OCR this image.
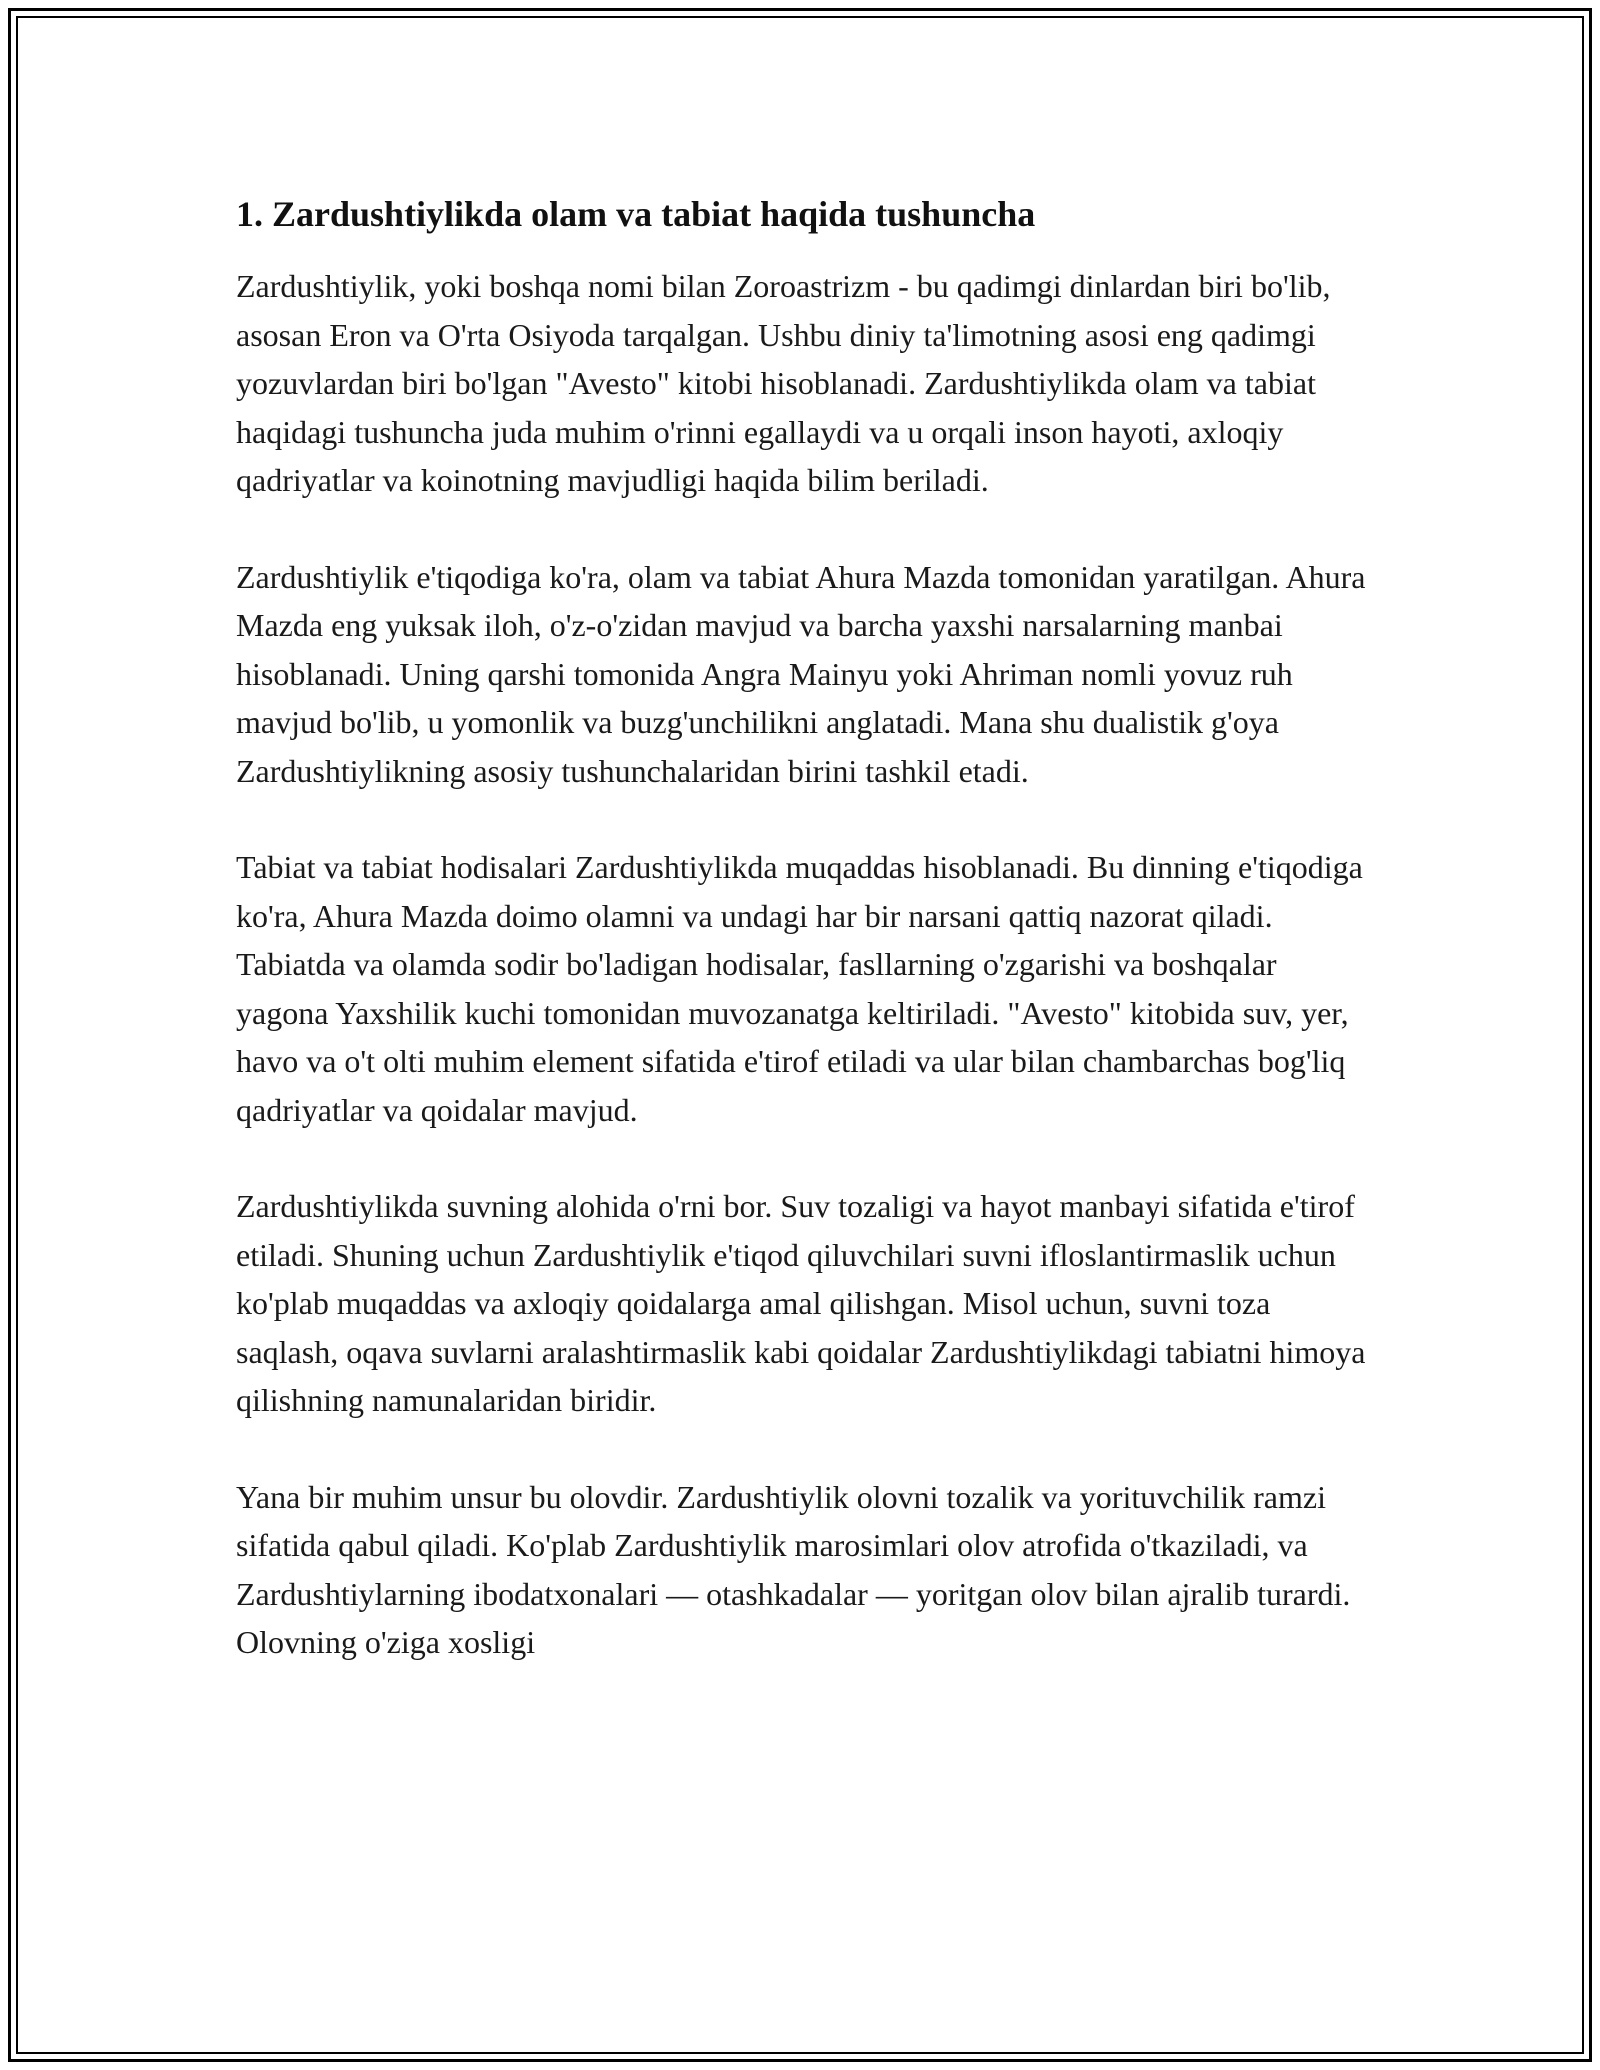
1. Zardushtiylikda olam va tabiat haqida tushuncha

Zardushtiylik, yoki boshqa nomi bilan Zoroastrizm - bu qadimgi dinlardan biri bo'lib, asosan Eron va O'rta Osiyoda tarqalgan. Ushbu diniy ta'limotning asosi eng qadimgi yozuvlardan biri bo'lgan "Avesto" kitobi hisoblanadi. Zardushtiylikda olam va tabiat haqidagi tushuncha juda muhim o'rinni egallaydi va u orqali inson hayoti, axloqiy qadriyatlar va koinotning mavjudligi haqida bilim beriladi.

Zardushtiylik e'tiqodiga ko'ra, olam va tabiat Ahura Mazda tomonidan yaratilgan. Ahura Mazda eng yuksak iloh, o'z-o'zidan mavjud va barcha yaxshi narsalarning manbai hisoblanadi. Uning qarshi tomonida Angra Mainyu yoki Ahriman nomli yovuz ruh mavjud bo'lib, u yomonlik va buzg'unchilikni anglatadi. Mana shu dualistik g'oya Zardushtiylikning asosiy tushunchalaridan birini tashkil etadi.

Tabiat va tabiat hodisalari Zardushtiylikda muqaddas hisoblanadi. Bu dinning e'tiqodiga ko'ra, Ahura Mazda doimo olamni va undagi har bir narsani qattiq nazorat qiladi. Tabiatda va olamda sodir bo'ladigan hodisalar, fasllarning o'zgarishi va boshqalar yagona Yaxshilik kuchi tomonidan muvozanatga keltiriladi. "Avesto" kitobida suv, yer, havo va o't olti muhim element sifatida e'tirof etiladi va ular bilan chambarchas bog'liq qadriyatlar va qoidalar mavjud.

Zardushtiylikda suvning alohida o'rni bor. Suv tozaligi va hayot manbayi sifatida e'tirof etiladi. Shuning uchun Zardushtiylik e'tiqod qiluvchilari suvni ifloslantirmaslik uchun ko'plab muqaddas va axloqiy qoidalarga amal qilishgan. Misol uchun, suvni toza saqlash, oqava suvlarni aralashtirmaslik kabi qoidalar Zardushtiylikdagi tabiatni himoya qilishning namunalaridan biridir.

Yana bir muhim unsur bu olovdir. Zardushtiylik olovni tozalik va yorituvchilik ramzi sifatida qabul qiladi. Ko'plab Zardushtiylik marosimlari olov atrofida o'tkaziladi, va Zardushtiylarning ibodatxonalari — otashkadalar — yoritgan olov bilan ajralib turardi. Olovning o'ziga xosligi
